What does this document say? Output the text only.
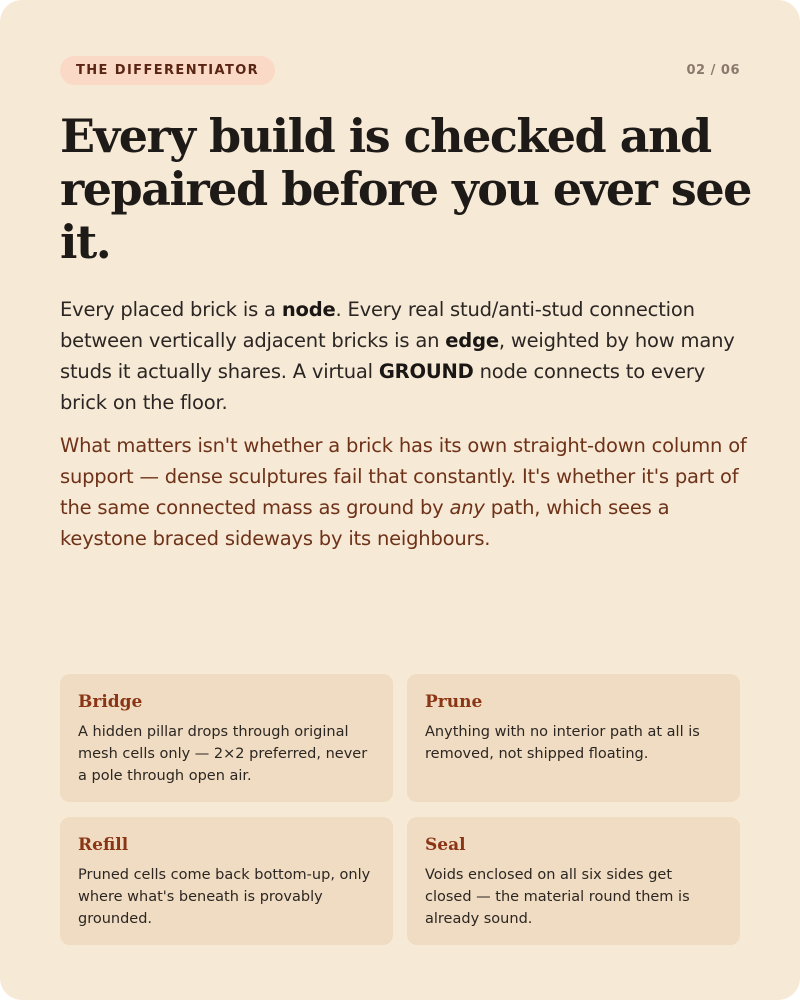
THE DIFFERENTIATOR	02 / 06
Every build is checked and repaired before you ever see it.

Every placed brick is a node. Every real stud/anti-stud connection between vertically adjacent bricks is an edge, weighted by how many studs it actually shares. A virtual GROUND node connects to every brick on the floor.

What matters isn't whether a brick has its own straight-down column of support — dense sculptures fail that constantly. It's whether it's part of the same connected mass as ground by any path, which sees a keystone braced sideways by its neighbours.

Bridge

A hidden pillar drops through original mesh cells only — 2×2 preferred, never a pole through open air.

Prune

Anything with no interior path at all is removed, not shipped floating.

Refill

Pruned cells come back bottom-up, only where what's beneath is provably grounded.

Seal

Voids enclosed on all six sides get closed — the material round them is already sound.
